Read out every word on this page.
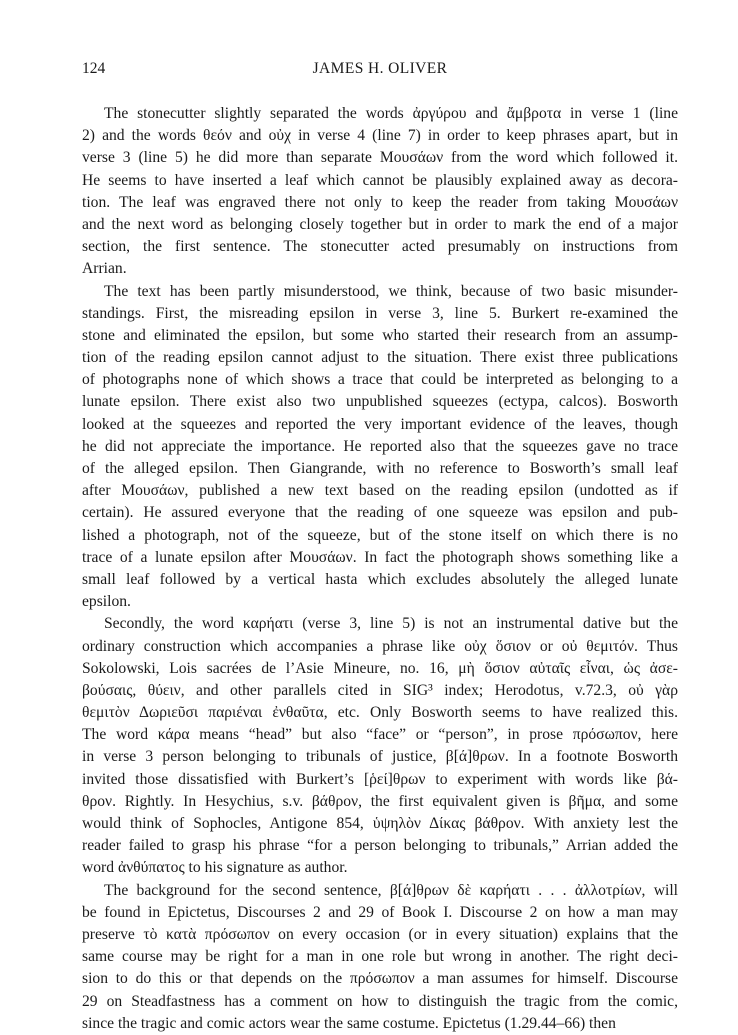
124	JAMES H. OLIVER
The stonecutter slightly separated the words ἀργύρου and ἄμβροτα in verse 1 (line
2) and the words θεόν and οὐχ in verse 4 (line 7) in order to keep phrases apart, but in
verse 3 (line 5) he did more than separate Μουσάων from the word which followed it.
He seems to have inserted a leaf which cannot be plausibly explained away as decora-
tion. The leaf was engraved there not only to keep the reader from taking Μουσάων
and the next word as belonging closely together but in order to mark the end of a major
section, the first sentence. The stonecutter acted presumably on instructions from
Arrian.
The text has been partly misunderstood, we think, because of two basic misunder-
standings. First, the misreading epsilon in verse 3, line 5. Burkert re-examined the
stone and eliminated the epsilon, but some who started their research from an assump-
tion of the reading epsilon cannot adjust to the situation. There exist three publications
of photographs none of which shows a trace that could be interpreted as belonging to a
lunate epsilon. There exist also two unpublished squeezes (ectypa, calcos). Bosworth
looked at the squeezes and reported the very important evidence of the leaves, though
he did not appreciate the importance. He reported also that the squeezes gave no trace
of the alleged epsilon. Then Giangrande, with no reference to Bosworth’s small leaf
after Μουσάων, published a new text based on the reading epsilon (undotted as if
certain). He assured everyone that the reading of one squeeze was epsilon and pub-
lished a photograph, not of the squeeze, but of the stone itself on which there is no
trace of a lunate epsilon after Μουσάων. In fact the photograph shows something like a
small leaf followed by a vertical hasta which excludes absolutely the alleged lunate
epsilon.
Secondly, the word καρήατι (verse 3, line 5) is not an instrumental dative but the
ordinary construction which accompanies a phrase like οὐχ ὅσιον or οὐ θεμιτόν. Thus
Sokolowski, Lois sacrées de l’Asie Mineure, no. 16, μὴ ὅσιον αὐταῖς εἶναι, ὡς ἀσε-
βούσαις, θύειν, and other parallels cited in SIG³ index; Herodotus, v.72.3, οὐ γὰρ
θεμιτὸν Δωριεῦσι παριέναι ἐνθαῦτα, etc. Only Bosworth seems to have realized this.
The word κάρα means “head” but also “face” or “person”, in prose πρόσωπον, here
in verse 3 person belonging to tribunals of justice, β[ά]θρων. In a footnote Bosworth
invited those dissatisfied with Burkert’s [ῥεί]θρων to experiment with words like βά-
θρον. Rightly. In Hesychius, s.v. βάθρον, the first equivalent given is βῆμα, and some
would think of Sophocles, Antigone 854, ὑψηλὸν Δίκας βάθρον. With anxiety lest the
reader failed to grasp his phrase “for a person belonging to tribunals,” Arrian added the
word ἀνθύπατος to his signature as author.
The background for the second sentence, β[ά]θρων δὲ καρήατι . . . ἀλλοτρίων, will
be found in Epictetus, Discourses 2 and 29 of Book I. Discourse 2 on how a man may
preserve τὸ κατὰ πρόσωπον on every occasion (or in every situation) explains that the
same course may be right for a man in one role but wrong in another. The right deci-
sion to do this or that depends on the πρόσωπον a man assumes for himself. Discourse
29 on Steadfastness has a comment on how to distinguish the tragic from the comic,
since the tragic and comic actors wear the same costume. Epictetus (1.29.44–66) then
